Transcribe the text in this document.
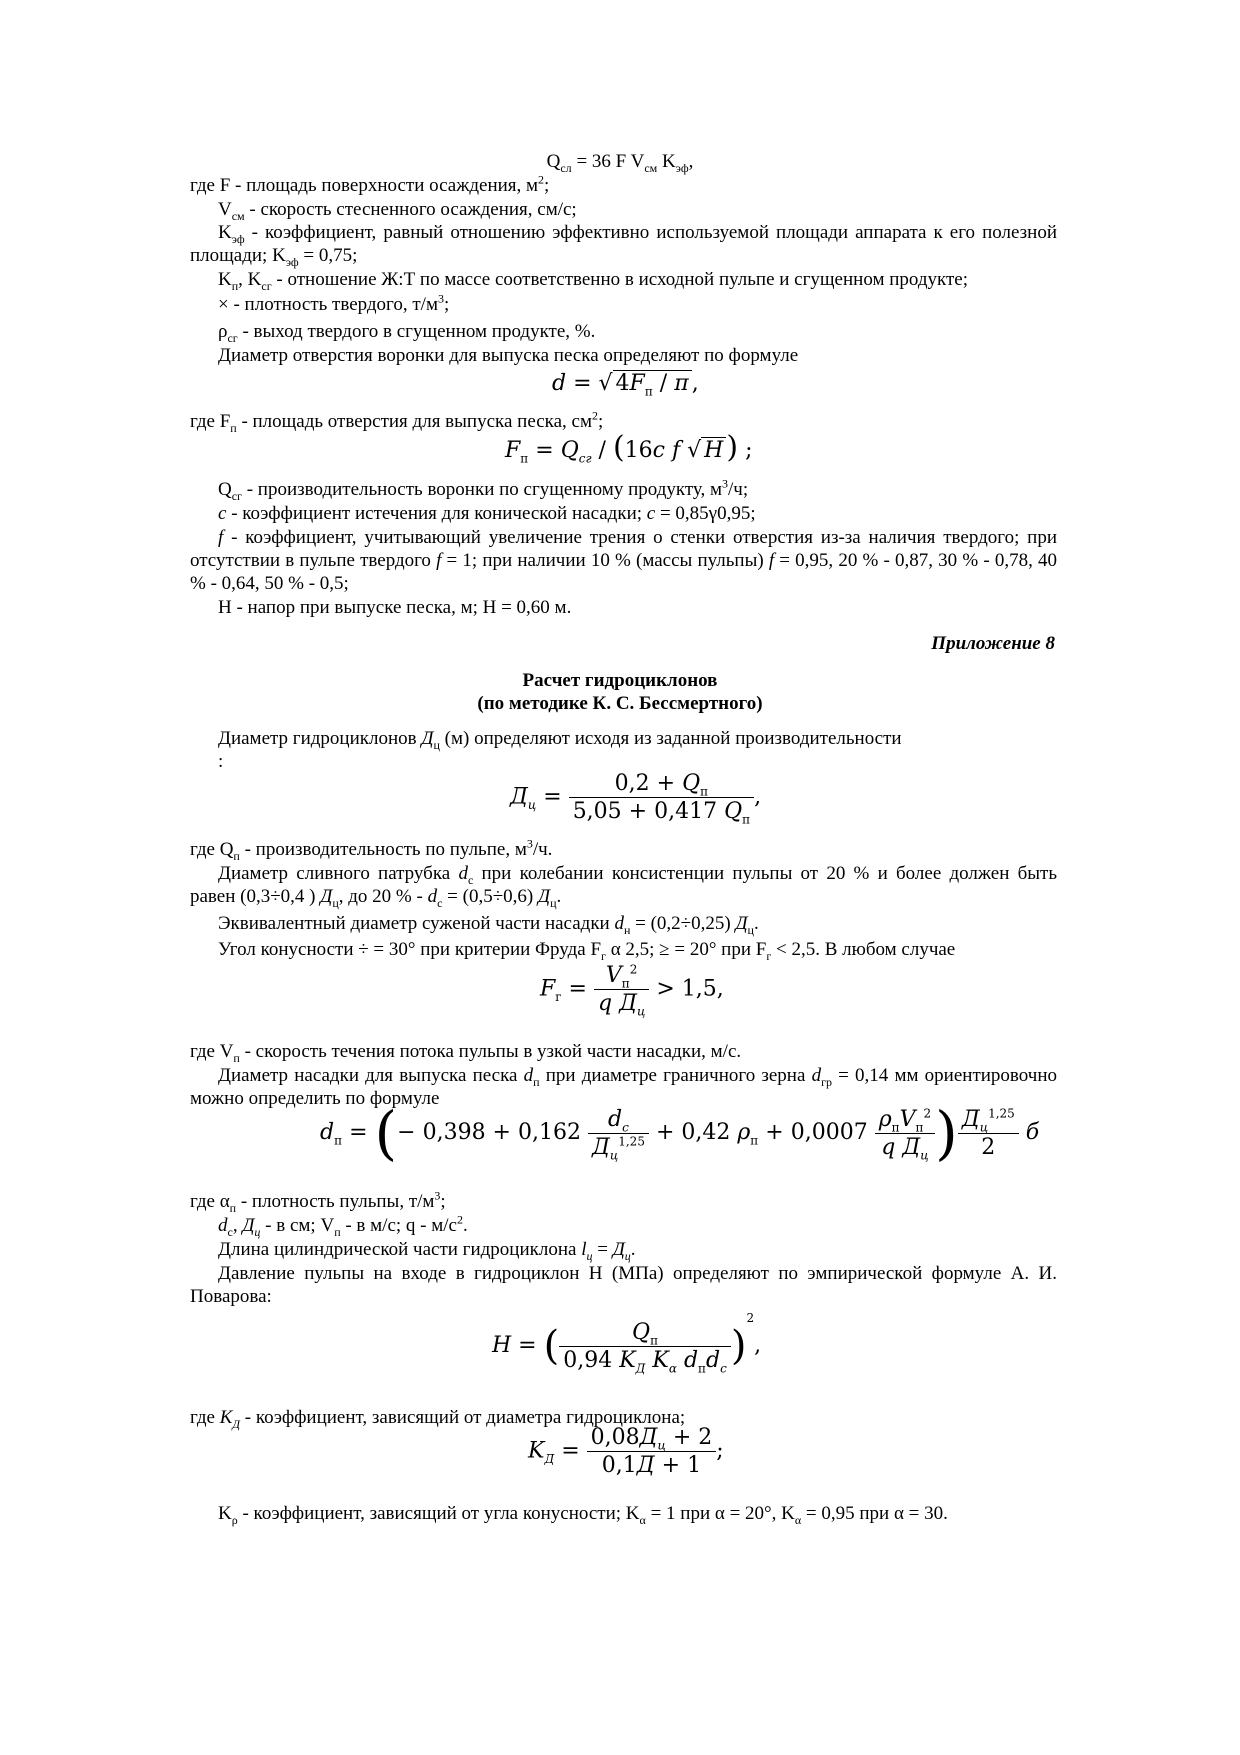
$Q_{сл} = 36$ F $V_{см}$ $K_{эф}$,
где F - площадь поверхности осаждения, $м^2$;
$V_{см}$ - скорость стесненного осаждения, см/с;
$K_{эф}$ - коэффициент, равный отношению эффективно используемой площади аппарата к его полезной площади; $K_{эф} = 0,75$;
$K_п$, $K_{сг}$ - отношение Ж:Т по массе соответственно в исходной пульпе и сгущенном продукте;
× - плотность твердого, $т/м^3$;
$\rho_{сг}$ - выход твердого в сгущенном продукте, %.
Диаметр отверстия воронки для выпуска песка определяют по формуле
d = √ $4F_п$ / π ,
где $F_п$ - площадь отверстия для выпуска песка, $см^2$;
$F_п = Q_{сг} / (16c$ f √ H ) ;
$Q_{сг}$ - производительность воронки по сгущенному продукту, $м^3/ч$;
c - коэффициент истечения для конической насадки; c = 0,85γ0,95;
f - коэффициент, учитывающий увеличение трения о стенки отверстия из-за наличия твердого; при отсутствии в пульпе твердого f = 1; при наличии 10 % (массы пульпы) f = 0,95, 20 % - 0,87, 30 % - 0,78, 40 % - 0,64, 50 % - 0,5;
H - напор при выпуске песка, м; H = 0,60 м.
Приложение 8
Расчет гидроциклонов
(по методике К. С. Бессмертного)
Диаметр гидроциклонов $Д_ц$ (м) определяют исходя из заданной производительности
:
$Д_ц = \frac{0,2 + Q_п}{5,05 + 0,417 Q_п}$ ,
где $Q_п$ - производительность по пульпе, $м^3/ч$.
Диаметр сливного патрубка $d_с$ при колебании консистенции пульпы от 20 % и более должен быть равен (0,3÷0,4 ) $Д_ц$, до 20 % - $d_с = (0,5\div 0,6)$ $Д_ц$.
Эквивалентный диаметр суженой части насадки $d_н = (0,2\div 0,25)$ $Д_ц$.
Угол конусности ÷ = 30° при критерии Фруда $F_г$ α 2,5; ≥ = 20° при $F_г < 2,5$. В любом случае
$F_г = \frac{V_п^2}{q Д_ц} > 1,5$,
где $V_п$ - скорость течения потока пульпы в узкой части насадки, м/с.
Диаметр насадки для выпуска песка $d_п$ при диаметре граничного зерна $d_{гр} = 0,14$ мм ориентировочно можно определить по формуле
$d_п$ = (− $0,398 + 0,162 \frac{d_с}{Д_ц^{1,25}} + 0,42$ $\rho_п + 0,0007 \frac{\rho_пV_п^2}{q Д_ц}$ ) $\frac{Д_ц^{1,25}}{2}$ б
где $\alpha_п$ - плотность пульпы, $т/м^3$;
$d_с$, $Д_ц$ - в см; $V_п$ - в м/с; q - $м/с^2$.
Длина цилиндрической части гидроциклона $l_ц = Д_ц$.
Давление пульпы на входе в гидроциклон H (МПа) определяют по эмпирической формуле А. И. Поварова:
H = ( $\frac{Q_п}{0,94 K_Д K_\alpha d_пd_с} )^2$,
где $K_Д$ - коэффициент, зависящий от диаметра гидроциклона;
$K_Д = \frac{0,08Д_ц + 2}{0,1Д + 1}$ ;
$K_\rho$ - коэффициент, зависящий от угла конусности; $K_\alpha = 1$ при α = 20°, $K_\alpha = 0,95$ при α = 30.
